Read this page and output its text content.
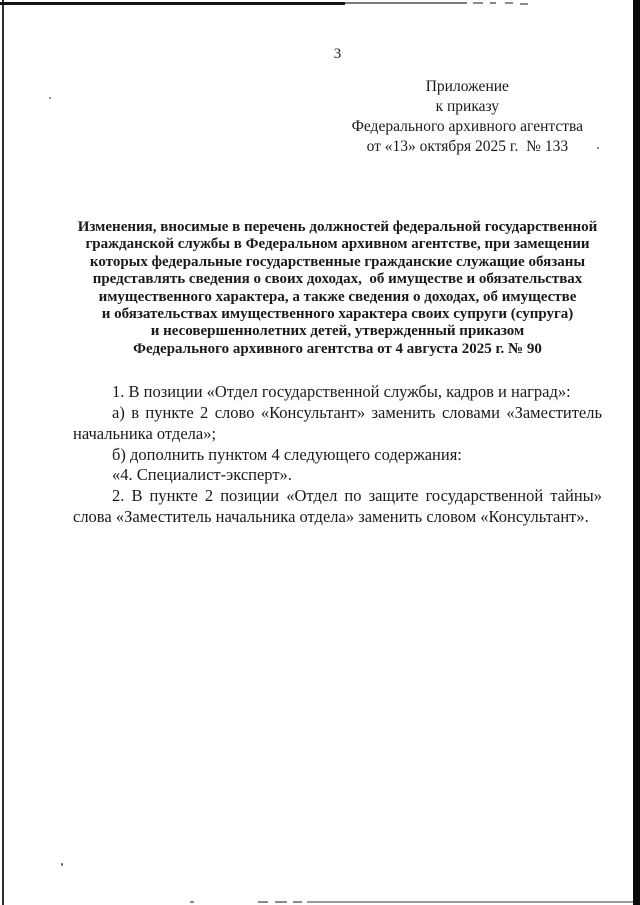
3
Приложение
к приказу
Федерального архивного агентства
от «13» октября 2025 г.  № 133
Изменения, вносимые в перечень должностей федеральной государственной
гражданской службы в Федеральном архивном агентстве, при замещении
которых федеральные государственные гражданские служащие обязаны
представлять сведения о своих доходах,  об имуществе и обязательствах
имущественного характера, а также сведения о доходах, об имуществе
и обязательствах имущественного характера своих супруги (супруга)
и несовершеннолетних детей, утвержденный приказом
Федерального архивного агентства от 4 августа 2025 г. № 90

1. В позиции «Отдел государственной службы, кадров и наград»:

а) в пункте 2 слово «Консультант» заменить словами «Заместитель начальника отдела»;

б) дополнить пунктом 4 следующего содержания:

«4. Специалист-эксперт».

2. В пункте 2 позиции «Отдел по защите государственной тайны» слова «Заместитель начальника отдела» заменить словом «Консультант».
